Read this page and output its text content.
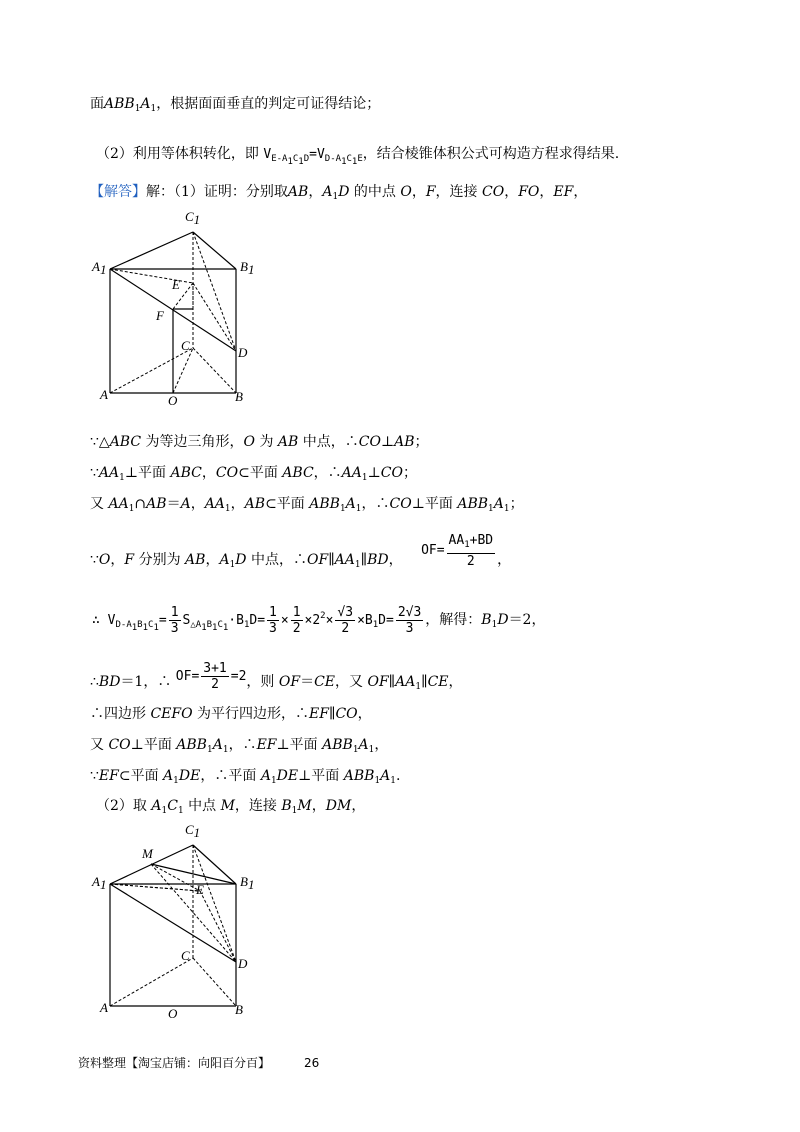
面$ABB_1A_1$，根据面面垂直的判定可证得结论；
（2）利用等体积转化，即 $V_{E-A_1C_1D}=V_{D-A_1C_1E}$，结合棱锥体积公式可构造方程求得结果.
【解答】解：（1）证明：分别取AB，$A_1D$ 的中点 O，F，连接 CO，FO，EF，
C1
A1	B1
E
F
C	D
A	O	B
∵△ABC 为等边三角形，O 为 AB 中点，∴CO⊥AB；
$\because AA_1\perp$平面 ABC，CO⊂平面 ABC，$\therefore AA_1\perp CO$；
又 $AA_1\cap AB=A$，$AA_1$，AB⊂平面 $ABB_1A_1$，∴CO⊥平面 $ABB_1A_1$；
∵O，F 分别为 AB，$A_1D$ 中点，$\therefore OF\parallel AA_1\parallel BD$， $OF= \frac{AA_1+BD}{2}$ ，
∴ $V_{D-A_1B_1C_1}= \frac{1}{3} S_{\triangle A_1B_1C_1}\cdot B_1D= \frac{1}{3} \times \frac{1}{2} \times 2^2\times \frac{√3}{2} \times B_1D= \frac{2√3}{3}$ ，解得：$B_1D=2$，
∴BD＝1，∴ $OF= \frac{3+1}{2} =2$，则 OF＝CE，又 $OF\parallel AA_1\parallel CE$，
∴四边形 CEFO 为平行四边形，∴EF∥CO，
又 CO⊥平面 $ABB_1A_1$，∴EF⊥平面 $ABB_1A_1$，
∵EF⊂平面 $A_1DE$，∴平面 $A_1DE\perp$平面 $ABB_1A_1$.
（2）取 $A_1C_1$ 中点 M，连接 $B_1M$，DM，
C1
M
A1	B1
E
C
D
A	O	B
资料整理【淘宝店铺：向阳百分百】	26
